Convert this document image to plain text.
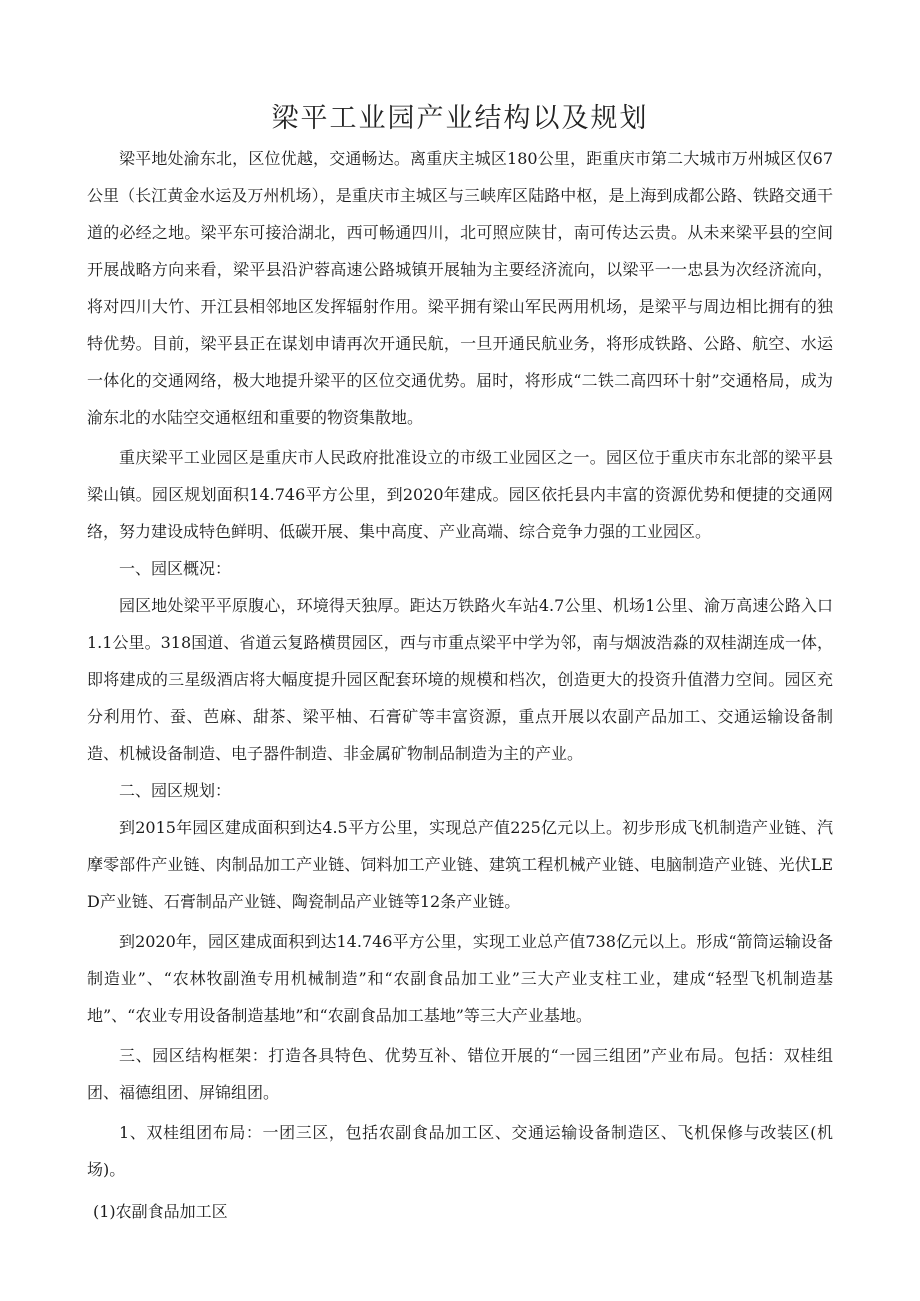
梁平工业园产业结构以及规划

梁平地处渝东北，区位优越，交通畅达。离重庆主城区180公里，距重庆市第二大城市万州城区仅67公里（长江黄金水运及万州机场），是重庆市主城区与三峡库区陆路中枢，是上海到成都公路、铁路交通干道的必经之地。梁平东可接洽湖北，西可畅通四川，北可照应陕甘，南可传达云贵。从未来梁平县的空间开展战略方向来看，梁平县沿沪蓉高速公路城镇开展轴为主要经济流向，以梁平一一忠县为次经济流向，将对四川大竹、开江县相邻地区发挥辐射作用。梁平拥有梁山军民两用机场，是梁平与周边相比拥有的独特优势。目前，梁平县正在谋划申请再次开通民航，一旦开通民航业务，将形成铁路、公路、航空、水运一体化的交通网络，极大地提升梁平的区位交通优势。届时，将形成“二铁二高四环十射”交通格局，成为渝东北的水陆空交通枢纽和重要的物资集散地。

重庆梁平工业园区是重庆市人民政府批准设立的市级工业园区之一。园区位于重庆市东北部的梁平县梁山镇。园区规划面积14.746平方公里，到2020年建成。园区依托县内丰富的资源优势和便捷的交通网络，努力建设成特色鲜明、低碳开展、集中高度、产业高端、综合竞争力强的工业园区。

一、园区概况：

园区地处梁平平原腹心，环境得天独厚。距达万铁路火车站4.7公里、机场1公里、渝万高速公路入口1.1公里。318国道、省道云复路横贯园区，西与市重点梁平中学为邻，南与烟波浩淼的双桂湖连成一体，即将建成的三星级酒店将大幅度提升园区配套环境的规模和档次，创造更大的投资升值潜力空间。园区充分利用竹、蚕、芭麻、甜茶、梁平柚、石膏矿等丰富资源，重点开展以农副产品加工、交通运输设备制造、机械设备制造、电子器件制造、非金属矿物制品制造为主的产业。

二、园区规划：

到2015年园区建成面积到达4.5平方公里，实现总产值225亿元以上。初步形成飞机制造产业链、汽摩零部件产业链、肉制品加工产业链、饲料加工产业链、建筑工程机械产业链、电脑制造产业链、光伏LED产业链、石膏制品产业链、陶瓷制品产业链等12条产业链。

到2020年，园区建成面积到达14.746平方公里，实现工业总产值738亿元以上。形成“箭筒运输设备制造业”、“农林牧副渔专用机械制造”和“农副食品加工业”三大产业支柱工业，建成“轻型飞机制造基地”、“农业专用设备制造基地”和“农副食品加工基地”等三大产业基地。

三、园区结构框架：打造各具特色、优势互补、错位开展的“一园三组团”产业布局。包括：双桂组团、福德组团、屏锦组团。

1、双桂组团布局：一团三区，包括农副食品加工区、交通运输设备制造区、飞机保修与改装区(机场)。

(1)农副食品加工区
